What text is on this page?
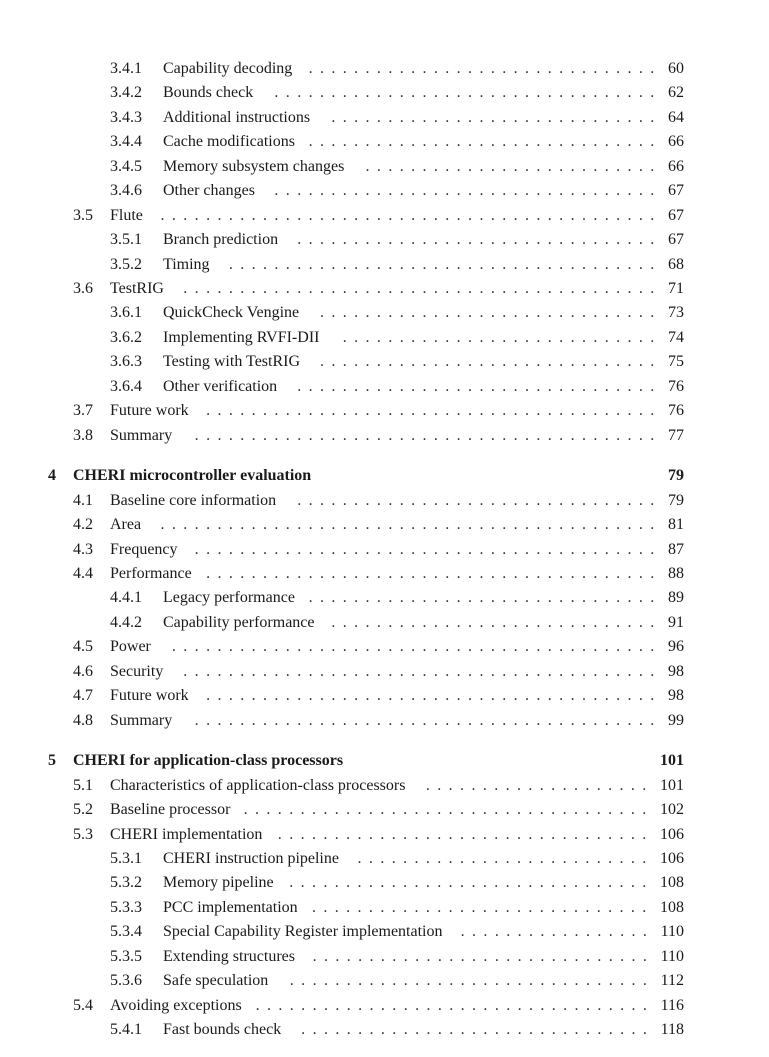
3.4.1 Capability decoding	60
. . . . . . . . . . . . . . . . . . . . . . . . . . . . . . .
3.4.2 Bounds check	62
. . . . . . . . . . . . . . . . . . . . . . . . . . . . . . . . . .
3.4.3 Additional instructions	64
. . . . . . . . . . . . . . . . . . . . . . . . . . . . .
3.4.4 Cache modifications	66
. . . . . . . . . . . . . . . . . . . . . . . . . . . . . . .
3.4.5 Memory subsystem changes	66
. . . . . . . . . . . . . . . . . . . . . . . . . .
3.4.6 Other changes	67
. . . . . . . . . . . . . . . . . . . . . . . . . . . . . . . . . .
3.5 Flute	67
. . . . . . . . . . . . . . . . . . . . . . . . . . . . . . . . . . . . . . . . . . . .
3.5.1 Branch prediction	67
. . . . . . . . . . . . . . . . . . . . . . . . . . . . . . . .
3.5.2 Timing	68
. . . . . . . . . . . . . . . . . . . . . . . . . . . . . . . . . . . . . .
3.6 TestRIG	71
. . . . . . . . . . . . . . . . . . . . . . . . . . . . . . . . . . . . . . . . . .
3.6.1 QuickCheck Vengine	73
. . . . . . . . . . . . . . . . . . . . . . . . . . . . . .
3.6.2 Implementing RVFI-DII	74
. . . . . . . . . . . . . . . . . . . . . . . . . . . .
3.6.3 Testing with TestRIG	75
. . . . . . . . . . . . . . . . . . . . . . . . . . . . . .
3.6.4 Other verification	76
. . . . . . . . . . . . . . . . . . . . . . . . . . . . . . . .
3.7 Future work	76
. . . . . . . . . . . . . . . . . . . . . . . . . . . . . . . . . . . . . . . .
3.8 Summary	77
. . . . . . . . . . . . . . . . . . . . . . . . . . . . . . . . . . . . . . . . .
4 CHERI microcontroller evaluation	79
4.1 Baseline core information	79
. . . . . . . . . . . . . . . . . . . . . . . . . . . . . . . .
4.2 Area	81
. . . . . . . . . . . . . . . . . . . . . . . . . . . . . . . . . . . . . . . . . . . .
4.3 Frequency	87
. . . . . . . . . . . . . . . . . . . . . . . . . . . . . . . . . . . . . . . . .
4.4 Performance	88
. . . . . . . . . . . . . . . . . . . . . . . . . . . . . . . . . . . . . . . .
4.4.1 Legacy performance	89
. . . . . . . . . . . . . . . . . . . . . . . . . . . . . . .
4.4.2 Capability performance	91
. . . . . . . . . . . . . . . . . . . . . . . . . . . . .
4.5 Power	96
. . . . . . . . . . . . . . . . . . . . . . . . . . . . . . . . . . . . . . . . . . .
4.6 Security	98
. . . . . . . . . . . . . . . . . . . . . . . . . . . . . . . . . . . . . . . . . .
4.7 Future work	98
. . . . . . . . . . . . . . . . . . . . . . . . . . . . . . . . . . . . . . . .
4.8 Summary	99
. . . . . . . . . . . . . . . . . . . . . . . . . . . . . . . . . . . . . . . . .
5 CHERI for application-class processors	101
5.1 Characteristics of application-class processors	101
. . . . . . . . . . . . . . . . . . . .
5.2 Baseline processor	102
. . . . . . . . . . . . . . . . . . . . . . . . . . . . . . . . . . . .
5.3 CHERI implementation	106
. . . . . . . . . . . . . . . . . . . . . . . . . . . . . . . . .
5.3.1 CHERI instruction pipeline	106
. . . . . . . . . . . . . . . . . . . . . . . . . .
5.3.2 Memory pipeline	108
. . . . . . . . . . . . . . . . . . . . . . . . . . . . . . . .
5.3.3 PCC implementation	108
. . . . . . . . . . . . . . . . . . . . . . . . . . . . . .
5.3.4 Special Capability Register implementation	110
. . . . . . . . . . . . . . . . .
5.3.5 Extending structures	110
. . . . . . . . . . . . . . . . . . . . . . . . . . . . . .
5.3.6 Safe speculation	112
. . . . . . . . . . . . . . . . . . . . . . . . . . . . . . . .
5.4 Avoiding exceptions	116
. . . . . . . . . . . . . . . . . . . . . . . . . . . . . . . . . . .
5.4.1 Fast bounds check	118
. . . . . . . . . . . . . . . . . . . . . . . . . . . . . . .
